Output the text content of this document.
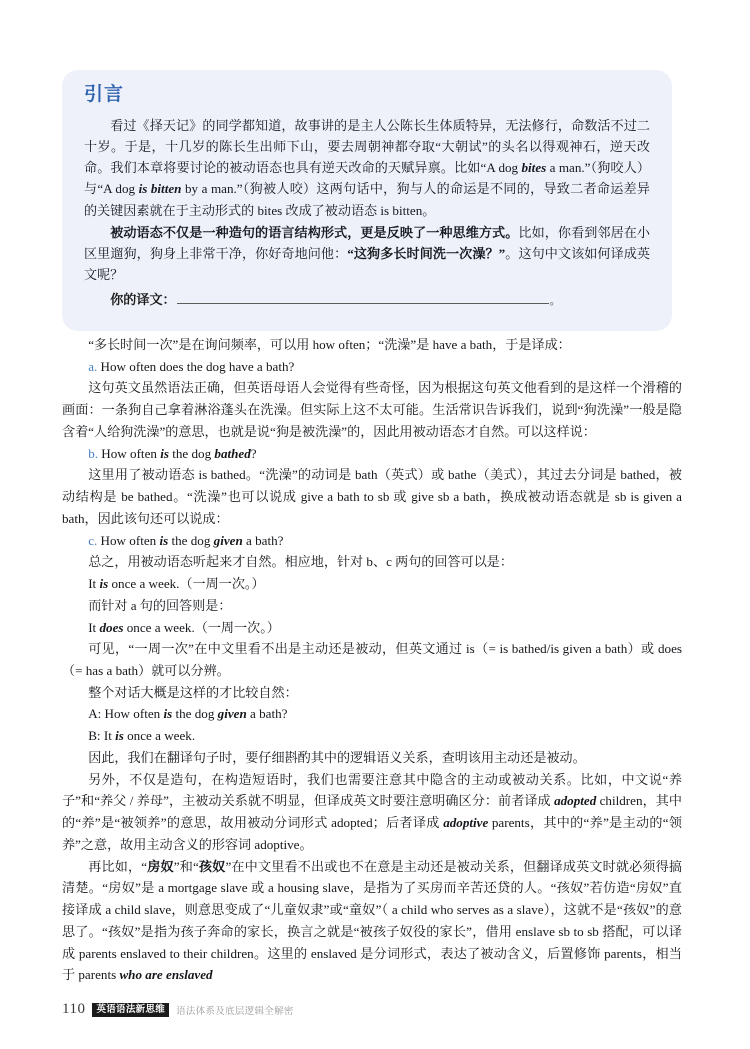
引言

看过《择天记》的同学都知道，故事讲的是主人公陈长生体质特异，无法修行，命数活不过二十岁。于是，十几岁的陈长生出师下山，要去周朝神都夺取“大朝试”的头名以得观神石，逆天改命。我们本章将要讨论的被动语态也具有逆天改命的天赋异禀。比如“A dog bites a man.”（狗咬人）与“A dog is bitten by a man.”（狗被人咬）这两句话中，狗与人的命运是不同的，导致二者命运差异的关键因素就在于主动形式的 bites 改成了被动语态 is bitten。

被动语态不仅是一种造句的语言结构形式，更是反映了一种思维方式。比如，你看到邻居在小区里遛狗，狗身上非常干净，你好奇地问他：“这狗多长时间洗一次澡？”。这句中文该如何译成英文呢？

你的译文：	。

“多长时间一次”是在询问频率，可以用 how often；“洗澡”是 have a bath，于是译成：

a. How often does the dog have a bath?

这句英文虽然语法正确，但英语母语人会觉得有些奇怪，因为根据这句英文他看到的是这样一个滑稽的画面：一条狗自己拿着淋浴蓬头在洗澡。但实际上这不太可能。生活常识告诉我们，说到“狗洗澡”一般是隐含着“人给狗洗澡”的意思，也就是说“狗是被洗澡”的，因此用被动语态才自然。可以这样说：

b. How often is the dog bathed?

这里用了被动语态 is bathed。“洗澡”的动词是 bath（英式）或 bathe（美式），其过去分词是 bathed，被动结构是 be bathed。“洗澡”也可以说成 give a bath to sb 或 give sb a bath，换成被动语态就是 sb is given a bath，因此该句还可以说成：

c. How often is the dog given a bath?

总之，用被动语态听起来才自然。相应地，针对 b、c 两句的回答可以是：

It is once a week.（一周一次。）

而针对 a 句的回答则是：

It does once a week.（一周一次。）

可见，“一周一次”在中文里看不出是主动还是被动，但英文通过 is（= is bathed/is given a bath）或 does（= has a bath）就可以分辨。

整个对话大概是这样的才比较自然：

A: How often is the dog given a bath?

B: It is once a week.

因此，我们在翻译句子时，要仔细斟酌其中的逻辑语义关系，查明该用主动还是被动。

另外，不仅是造句，在构造短语时，我们也需要注意其中隐含的主动或被动关系。比如，中文说“养子”和“养父 / 养母”，主被动关系就不明显，但译成英文时要注意明确区分：前者译成 adopted children，其中的“养”是“被领养”的意思，故用被动分词形式 adopted；后者译成 adoptive parents，其中的“养”是主动的“领养”之意，故用主动含义的形容词 adoptive。

再比如，“房奴”和“孩奴”在中文里看不出或也不在意是主动还是被动关系，但翻译成英文时就必须得搞清楚。“房奴”是 a mortgage slave 或 a housing slave，是指为了买房而辛苦还贷的人。“孩奴”若仿造“房奴”直接译成 a child slave，则意思变成了“儿童奴隶”或“童奴”（ a child who serves as a slave），这就不是“孩奴”的意思了。“孩奴”是指为孩子奔命的家长，换言之就是“被孩子奴役的家长”，借用 enslave sb to sb 搭配，可以译成 parents enslaved to their children。这里的 enslaved 是分词形式，表达了被动含义，后置修饰 parents，相当于 parents who are enslaved

110	英语语法新思维	语法体系及底层逻辑全解密
